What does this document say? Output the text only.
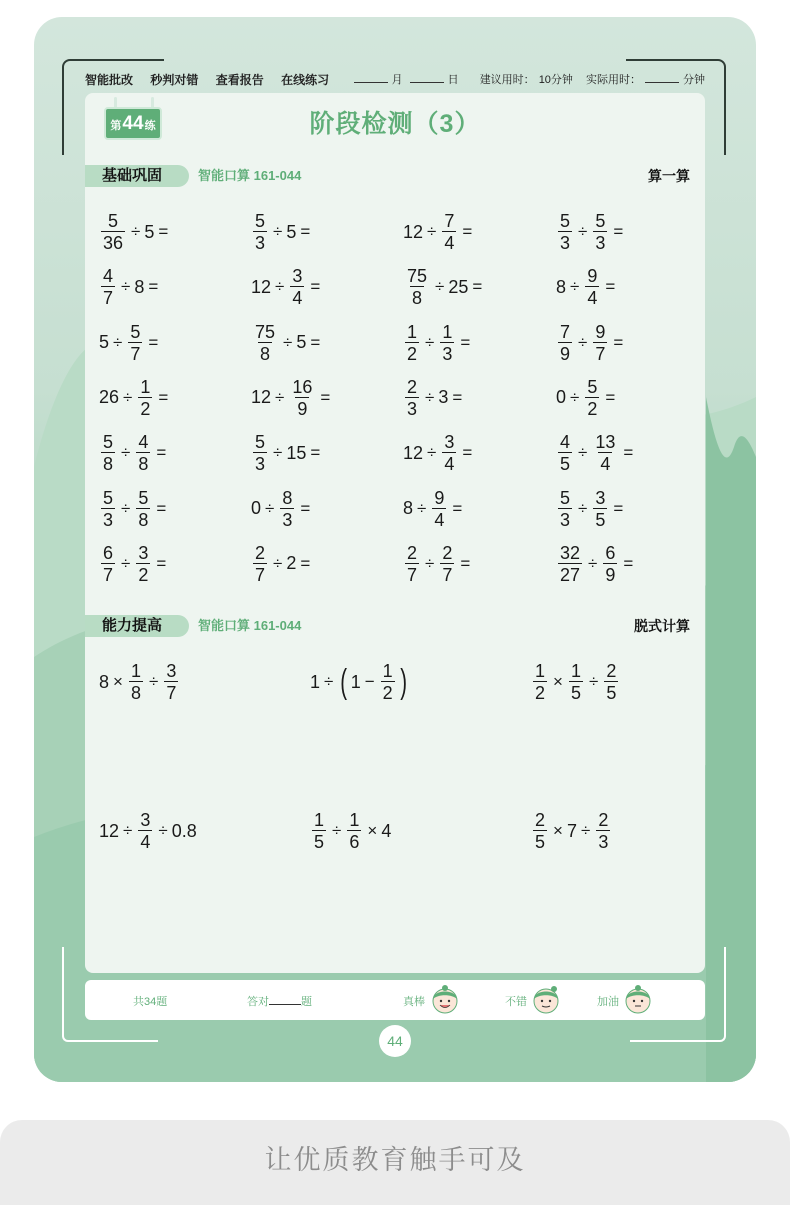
智能批改 秒判对错 查看报告 在线练习	月	日 建议用时： 10分钟 实际用时：	分钟
第44练	阶段检测（3）
基础巩固	智能口算 161-044	算一算
$\frac{5}{36} \div 5$ =	$\frac{5}{3} \div 5$ =	$12 \div \frac{7}{4}$ =	$\frac{5}{3} \div \frac{5}{3}$ =
$\frac{4}{7} \div 8$ =	$12 \div \frac{3}{4}$ =	$\frac{75}{8} \div 25$ =	$8 \div \frac{9}{4}$ =
$5 \div \frac{5}{7}$ =	$\frac{75}{8} \div 5$ =	$\frac{1}{2} \div \frac{1}{3}$ =	$\frac{7}{9} \div \frac{9}{7}$ =
$26 \div \frac{1}{2}$ =	$12 \div \frac{16}{9}$ =	$\frac{2}{3} \div 3$ =	$0 \div \frac{5}{2}$ =
$\frac{5}{8} \div \frac{4}{8}$ =	$\frac{5}{3} \div 15$ =	$12 \div \frac{3}{4}$ =	$\frac{4}{5} \div \frac{13}{4}$ =
$\frac{5}{3} \div \frac{5}{8}$ =	$0 \div \frac{8}{3}$ =	$8 \div \frac{9}{4}$ =	$\frac{5}{3} \div \frac{3}{5}$ =
$\frac{6}{7} \div \frac{3}{2}$ =	$\frac{2}{7} \div 2$ =	$\frac{2}{7} \div \frac{2}{7}$ =	$\frac{32}{27} \div \frac{6}{9}$ =
能力提高	智能口算 161-044	脱式计算
$8 \times \frac{1}{8} \div \frac{3}{7}$	1 ÷ ( $1 - \frac{1}{2}$ )	$\frac{1}{2} \times \frac{1}{5} \div \frac{2}{5}$
$12 \div \frac{3}{4} \div 0.8$	$\frac{1}{5} \div \frac{1}{6} \times 4$	$\frac{2}{5} \times 7 \div \frac{2}{3}$
共34题	答对	题	真棒	不错	加油
44
让优质教育触手可及
